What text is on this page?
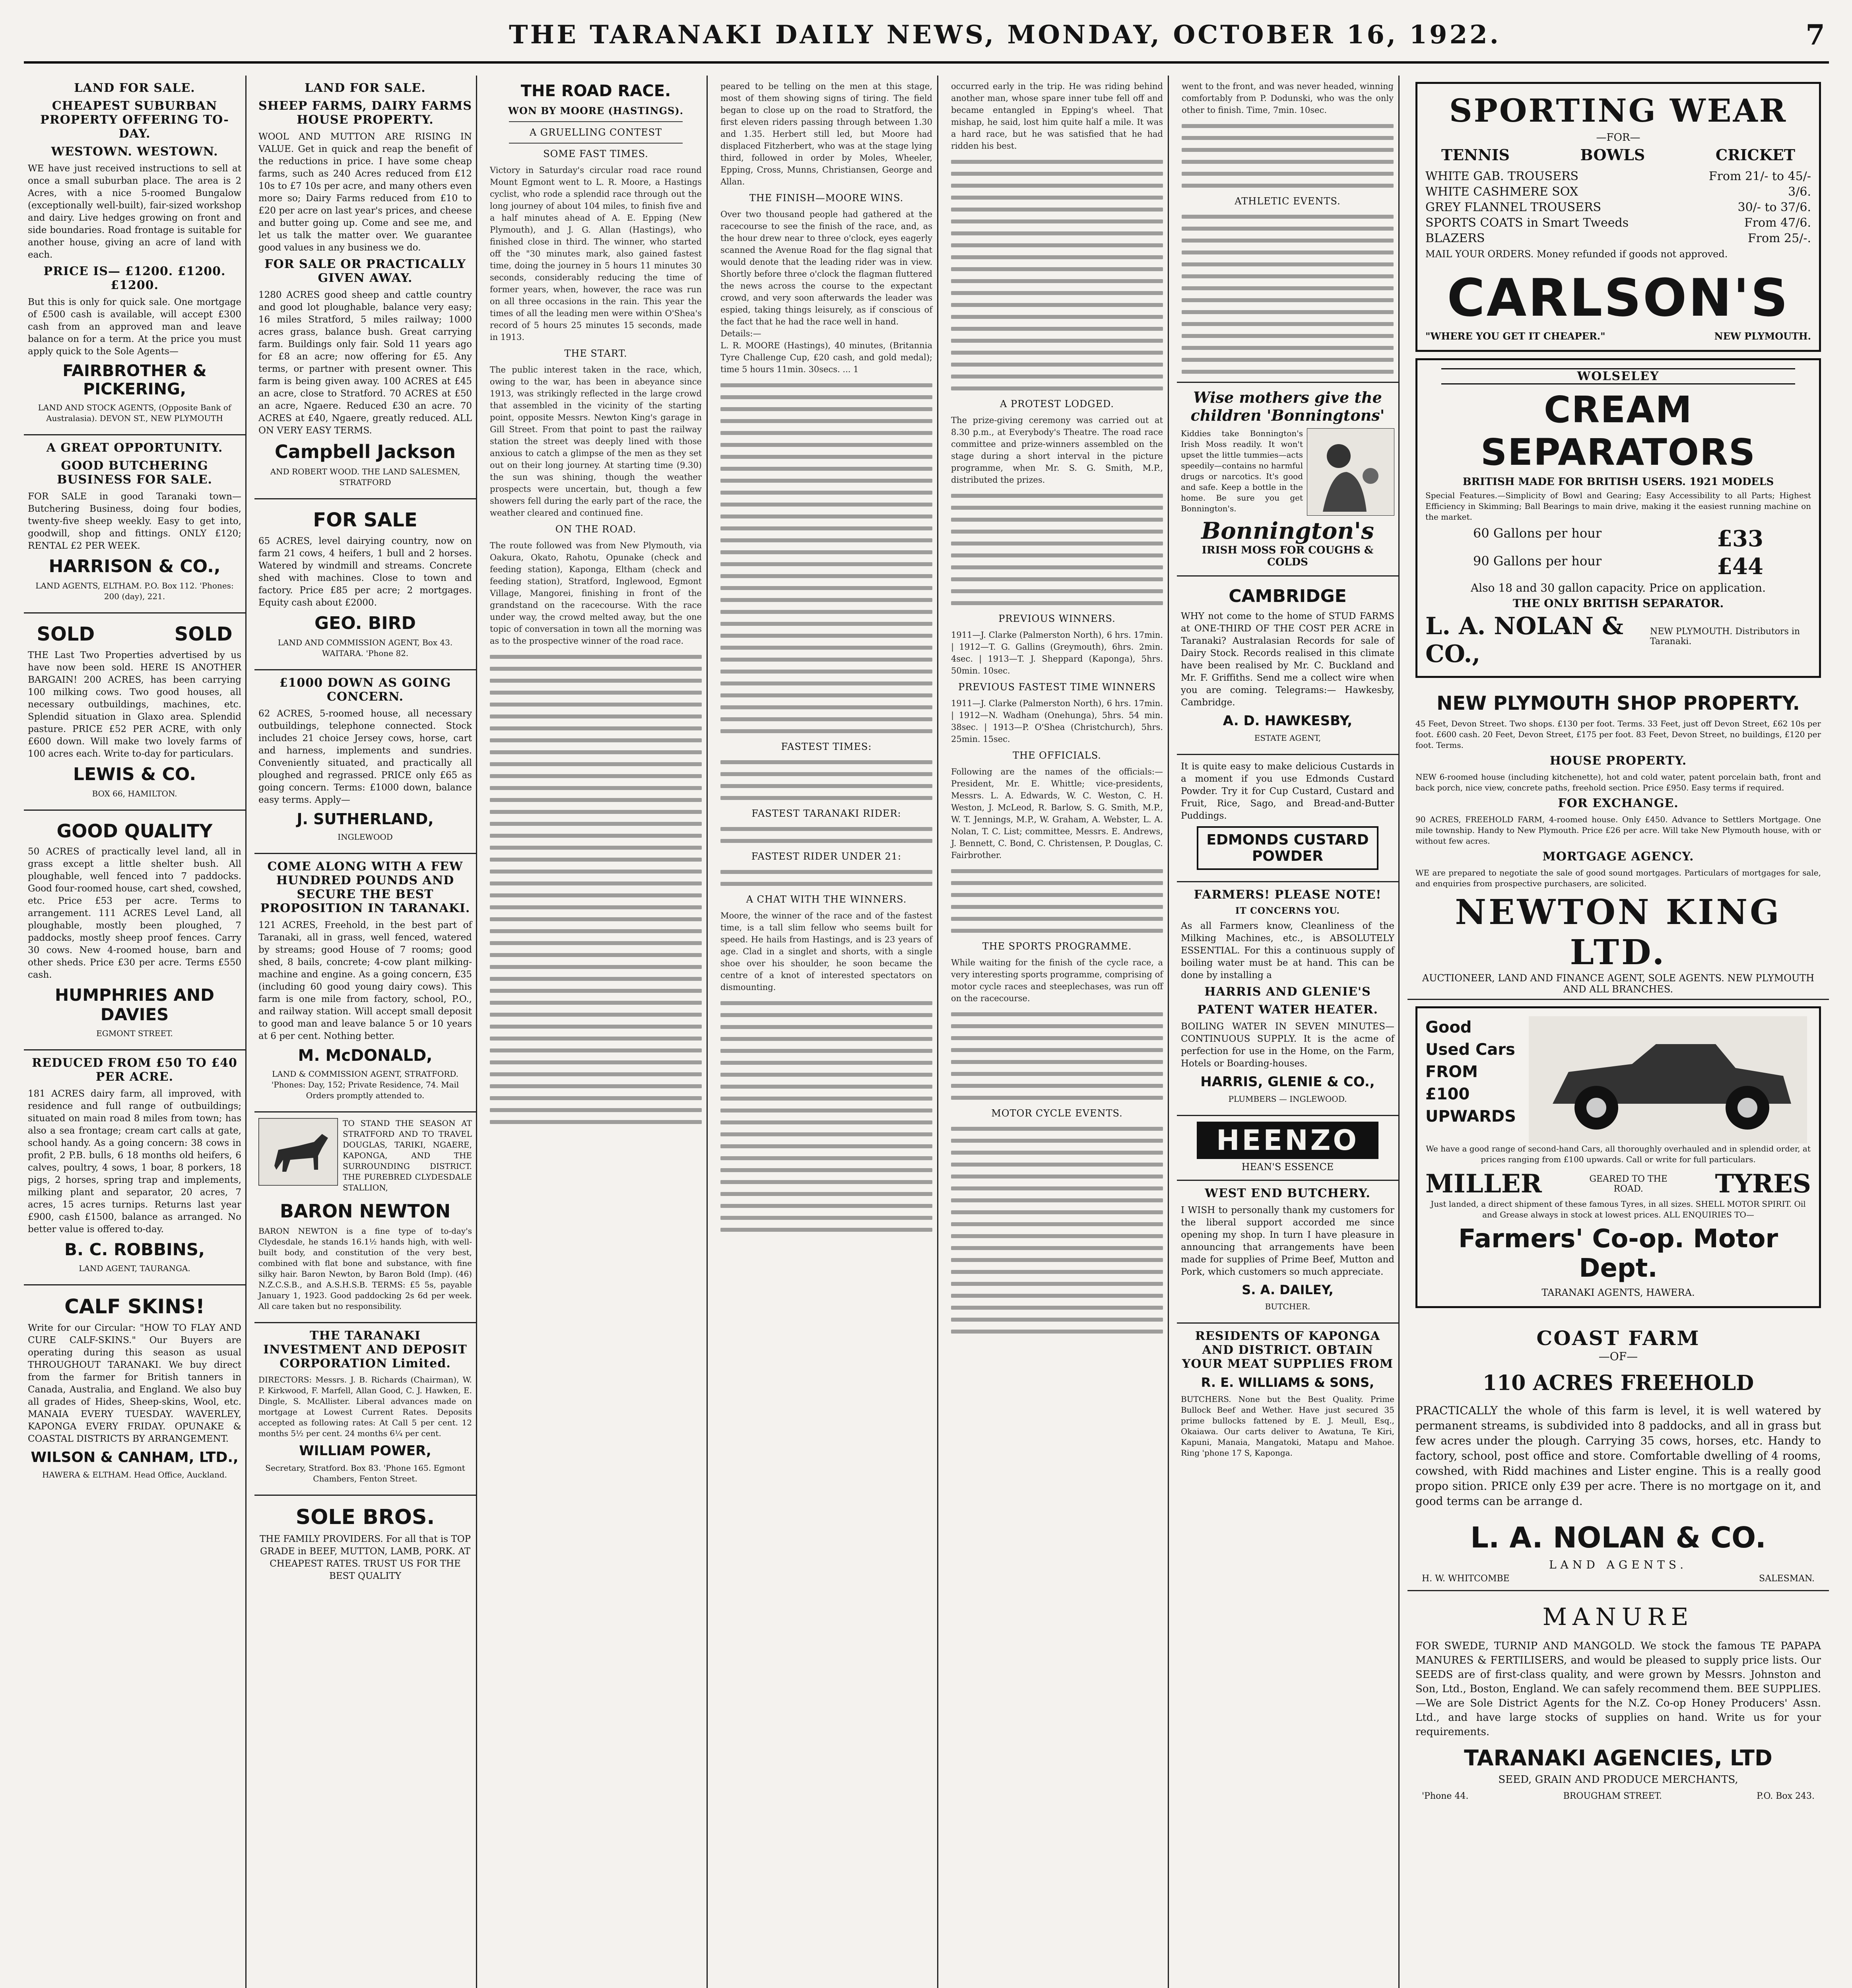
THE TARANAKI DAILY NEWS, MONDAY, OCTOBER 16, 1922.	7
LAND FOR SALE.
CHEAPEST SUBURBAN PROPERTY OFFERING TO-DAY.
WESTOWN. WESTOWN.
WE have just received instructions to sell at once a small suburban place. The area is 2 Acres, with a nice 5-roomed Bungalow (exceptionally well-built), fair-sized workshop and dairy. Live hedges growing on front and side boundaries. Road frontage is suitable for another house, giving an acre of land with each.
PRICE IS— £1200. £1200. £1200.
But this is only for quick sale. One mortgage of £500 cash is available, will accept £300 cash from an approved man and leave balance on for a term. At the price you must apply quick to the Sole Agents—
FAIRBROTHER & PICKERING,
LAND AND STOCK AGENTS, (Opposite Bank of Australasia). DEVON ST., NEW PLYMOUTH
A GREAT OPPORTUNITY.
GOOD BUTCHERING BUSINESS FOR SALE.
FOR SALE in good Taranaki town—Butchering Business, doing four bodies, twenty-five sheep weekly. Easy to get into, goodwill, shop and fittings. ONLY £120; RENTAL £2 PER WEEK.
HARRISON & CO.,
LAND AGENTS, ELTHAM. P.O. Box 112. 'Phones: 200 (day), 221.
SOLD            SOLD
THE Last Two Properties advertised by us have now been sold. HERE IS ANOTHER BARGAIN! 200 ACRES, has been carrying 100 milking cows. Two good houses, all necessary outbuildings, machines, etc. Splendid situation in Glaxo area. Splendid pasture. PRICE £52 PER ACRE, with only £600 down. Will make two lovely farms of 100 acres each. Write to-day for particulars.
LEWIS & CO.
BOX 66, HAMILTON.
GOOD QUALITY
50 ACRES of practically level land, all in grass except a little shelter bush. All ploughable, well fenced into 7 paddocks. Good four-roomed house, cart shed, cowshed, etc. Price £53 per acre. Terms to arrangement. 111 ACRES Level Land, all ploughable, mostly been ploughed, 7 paddocks, mostly sheep proof fences. Carry 30 cows. New 4-roomed house, barn and other sheds. Price £30 per acre. Terms £550 cash.
HUMPHRIES AND DAVIES
EGMONT STREET.
REDUCED FROM £50 TO £40 PER ACRE.
181 ACRES dairy farm, all improved, with residence and full range of outbuildings; situated on main road 8 miles from town; has also a sea frontage; cream cart calls at gate, school handy. As a going concern: 38 cows in profit, 2 P.B. bulls, 6 18 months old heifers, 6 calves, poultry, 4 sows, 1 boar, 8 porkers, 18 pigs, 2 horses, spring trap and implements, milking plant and separator, 20 acres, 7 acres, 15 acres turnips. Returns last year £900, cash £1500, balance as arranged. No better value is offered to-day.
B. C. ROBBINS,
LAND AGENT, TAURANGA.
CALF SKINS!
Write for our Circular: "HOW TO FLAY AND CURE CALF-SKINS." Our Buyers are operating during this season as usual THROUGHOUT TARANAKI. We buy direct from the farmer for British tanners in Canada, Australia, and England. We also buy all grades of Hides, Sheep-skins, Wool, etc. MANAIA EVERY TUESDAY. WAVERLEY, KAPONGA EVERY FRIDAY. OPUNAKE & COASTAL DISTRICTS BY ARRANGEMENT.
WILSON & CANHAM, LTD.,
HAWERA & ELTHAM. Head Office, Auckland.
LAND FOR SALE.
SHEEP FARMS, DAIRY FARMS HOUSE PROPERTY.
WOOL AND MUTTON ARE RISING IN VALUE. Get in quick and reap the benefit of the reductions in price. I have some cheap farms, such as 240 Acres reduced from £12 10s to £7 10s per acre, and many others even more so; Dairy Farms reduced from £10 to £20 per acre on last year's prices, and cheese and butter going up. Come and see me, and let us talk the matter over. We guarantee good values in any business we do.
FOR SALE OR PRACTICALLY GIVEN AWAY.
1280 ACRES good sheep and cattle country and good lot ploughable, balance very easy; 16 miles Stratford, 5 miles railway; 1000 acres grass, balance bush. Great carrying farm. Buildings only fair. Sold 11 years ago for £8 an acre; now offering for £5. Any terms, or partner with present owner. This farm is being given away. 100 ACRES at £45 an acre, close to Stratford. 70 ACRES at £50 an acre, Ngaere. Reduced £30 an acre. 70 ACRES at £40, Ngaere, greatly reduced. ALL ON VERY EASY TERMS.
Campbell Jackson
AND ROBERT WOOD. THE LAND SALESMEN, STRATFORD
FOR SALE
65 ACRES, level dairying country, now on farm 21 cows, 4 heifers, 1 bull and 2 horses. Watered by windmill and streams. Concrete shed with machines. Close to town and factory. Price £85 per acre; 2 mortgages. Equity cash about £2000.
GEO. BIRD
LAND AND COMMISSION AGENT, Box 43. WAITARA. 'Phone 82.
£1000 DOWN AS GOING CONCERN.
62 ACRES, 5-roomed house, all necessary outbuildings, telephone connected. Stock includes 21 choice Jersey cows, horse, cart and harness, implements and sundries. Conveniently situated, and practically all ploughed and regrassed. PRICE only £65 as going concern. Terms: £1000 down, balance easy terms. Apply—
J. SUTHERLAND,
INGLEWOOD
COME ALONG WITH A FEW HUNDRED POUNDS AND SECURE THE BEST PROPOSITION IN TARANAKI.
121 ACRES, Freehold, in the best part of Taranaki, all in grass, well fenced, watered by streams; good House of 7 rooms; good shed, 8 bails, concrete; 4-cow plant milking-machine and engine. As a going concern, £35 (including 60 good young dairy cows). This farm is one mile from factory, school, P.O., and railway station. Will accept small deposit to good man and leave balance 5 or 10 years at 6 per cent. Nothing better.
M. McDONALD,
LAND & COMMISSION AGENT, STRATFORD. 'Phones: Day, 152; Private Residence, 74. Mail Orders promptly attended to.
TO STAND THE SEASON AT STRATFORD AND TO TRAVEL DOUGLAS, TARIKI, NGAERE, KAPONGA, AND THE SURROUNDING DISTRICT. THE PUREBRED CLYDESDALE STALLION,
BARON NEWTON
BARON NEWTON is a fine type of to-day's Clydesdale, he stands 16.1½ hands high, with well-built body, and constitution of the very best, combined with flat bone and substance, with fine silky hair. Baron Newton, by Baron Bold (Imp). (46) N.Z.C.S.B., and A.S.H.S.B. TERMS: £5 5s, payable January 1, 1923. Good paddocking 2s 6d per week. All care taken but no responsibility.
THE TARANAKI INVESTMENT AND DEPOSIT CORPORATION Limited.
DIRECTORS: Messrs. J. B. Richards (Chairman), W. P. Kirkwood, F. Marfell, Allan Good, C. J. Hawken, E. Dingle, S. McAllister. Liberal advances made on mortgage at Lowest Current Rates. Deposits accepted as following rates: At Call 5 per cent. 12 months 5½ per cent. 24 months 6¼ per cent.
WILLIAM POWER,
Secretary, Stratford. Box 83. 'Phone 165. Egmont Chambers, Fenton Street.
SOLE BROS.
THE FAMILY PROVIDERS. For all that is TOP GRADE in BEEF, MUTTON, LAMB, PORK. AT CHEAPEST RATES. TRUST US FOR THE BEST QUALITY
THE ROAD RACE.
WON BY MOORE (HASTINGS).
A GRUELLING CONTEST
SOME FAST TIMES.
Victory in Saturday's circular road race round Mount Egmont went to L. R. Moore, a Hastings cyclist, who rode a splendid race through out the long journey of about 104 miles, to finish five and a half minutes ahead of A. E. Epping (New Plymouth), and J. G. Allan (Hastings), who finished close in third. The winner, who started off the "30 minutes mark, also gained fastest time, doing the journey in 5 hours 11 minutes 30 seconds, considerably reducing the time of former years, when, however, the race was run on all three occasions in the rain. This year the times of all the leading men were within O'Shea's record of 5 hours 25 minutes 15 seconds, made in 1913.
THE START.
The public interest taken in the race, which, owing to the war, has been in abeyance since 1913, was strikingly reflected in the large crowd that assembled in the vicinity of the starting point, opposite Messrs. Newton King's garage in Gill Street. From that point to past the railway station the street was deeply lined with those anxious to catch a glimpse of the men as they set out on their long journey. At starting time (9.30) the sun was shining, though the weather prospects were uncertain, but, though a few showers fell during the early part of the race, the weather cleared and continued fine.
ON THE ROAD.
The route followed was from New Plymouth, via Oakura, Okato, Rahotu, Opunake (check and feeding station), Kaponga, Eltham (check and feeding station), Stratford, Inglewood, Egmont Village, Mangorei, finishing in front of the grandstand on the racecourse. With the race under way, the crowd melted away, but the one topic of conversation in town all the morning was as to the prospective winner of the road race.
peared to be telling on the men at this stage, most of them showing signs of tiring. The field began to close up on the road to Stratford, the first eleven riders passing through between 1.30 and 1.35. Herbert still led, but Moore had displaced Fitzherbert, who was at the stage lying third, followed in order by Moles, Wheeler, Epping, Cross, Munns, Christiansen, George and Allan.
THE FINISH—MOORE WINS.
Over two thousand people had gathered at the racecourse to see the finish of the race, and, as the hour drew near to three o'clock, eyes eagerly scanned the Avenue Road for the flag signal that would denote that the leading rider was in view. Shortly before three o'clock the flagman fluttered the news across the course to the expectant crowd, and very soon afterwards the leader was espied, taking things leisurely, as if conscious of the fact that he had the race well in hand.
Details:—
L. R. MOORE (Hastings), 40 minutes, (Britannia Tyre Challenge Cup, £20 cash, and gold medal); time 5 hours 11min. 30secs. ... 1
FASTEST TIMES:
FASTEST TARANAKI RIDER:
FASTEST RIDER UNDER 21:
A CHAT WITH THE WINNERS.
Moore, the winner of the race and of the fastest time, is a tall slim fellow who seems built for speed. He hails from Hastings, and is 23 years of age. Clad in a singlet and shorts, with a single shoe over his shoulder, he soon became the centre of a knot of interested spectators on dismounting.
occurred early in the trip. He was riding behind another man, whose spare inner tube fell off and became entangled in Epping's wheel. That mishap, he said, lost him quite half a mile. It was a hard race, but he was satisfied that he had ridden his best.
A PROTEST LODGED.
The prize-giving ceremony was carried out at 8.30 p.m., at Everybody's Theatre. The road race committee and prize-winners assembled on the stage during a short interval in the picture programme, when Mr. S. G. Smith, M.P., distributed the prizes.
PREVIOUS WINNERS.
1911—J. Clarke (Palmerston North), 6 hrs. 17min. | 1912—T. G. Gallins (Greymouth), 6hrs. 2min. 4sec. | 1913—T. J. Sheppard (Kaponga), 5hrs. 50min. 10sec.
PREVIOUS FASTEST TIME WINNERS
1911—J. Clarke (Palmerston North), 6 hrs. 17min. | 1912—N. Wadham (Onehunga), 5hrs. 54 min. 38sec. | 1913—P. O'Shea (Christchurch), 5hrs. 25min. 15sec.
THE OFFICIALS.
Following are the names of the officials:—President, Mr. E. Whittle; vice-presidents, Messrs. L. A. Edwards, W. C. Weston, C. H. Weston, J. McLeod, R. Barlow, S. G. Smith, M.P., W. T. Jennings, M.P., W. Graham, A. Webster, L. A. Nolan, T. C. List; committee, Messrs. E. Andrews, J. Bennett, C. Bond, C. Christensen, P. Douglas, C. Fairbrother.
THE SPORTS PROGRAMME.
While waiting for the finish of the cycle race, a very interesting sports programme, comprising of motor cycle races and steeplechases, was run off on the racecourse.
MOTOR CYCLE EVENTS.
went to the front, and was never headed, winning comfortably from P. Dodunski, who was the only other to finish. Time, 7min. 10sec.
ATHLETIC EVENTS.
Wise mothers give the children 'Bonningtons'
Kiddies take Bonnington's Irish Moss readily. It won't upset the little tummies—acts speedily—contains no harmful drugs or narcotics. It's good and safe. Keep a bottle in the home. Be sure you get Bonnington's.
Bonnington's
IRISH MOSS FOR COUGHS & COLDS
CAMBRIDGE
WHY not come to the home of STUD FARMS at ONE-THIRD OF THE COST PER ACRE in Taranaki? Australasian Records for sale of Dairy Stock. Records realised in this climate have been realised by Mr. C. Buckland and Mr. F. Griffiths. Send me a collect wire when you are coming. Telegrams:— Hawkesby, Cambridge.
A. D. HAWKESBY,
ESTATE AGENT,
It is quite easy to make delicious Custards in a moment if you use Edmonds Custard Powder. Try it for Cup Custard, Custard and Fruit, Rice, Sago, and Bread-and-Butter Puddings.
EDMONDS CUSTARD POWDER
FARMERS! PLEASE NOTE!
IT CONCERNS YOU.
As all Farmers know, Cleanliness of the Milking Machines, etc., is ABSOLUTELY ESSENTIAL. For this a continuous supply of boiling water must be at hand. This can be done by installing a
HARRIS AND GLENIE'S
PATENT WATER HEATER.
BOILING WATER IN SEVEN MINUTES—CONTINUOUS SUPPLY. It is the acme of perfection for use in the Home, on the Farm, Hotels or Boarding-houses.
HARRIS, GLENIE & CO.,
PLUMBERS — INGLEWOOD.
HEENZO
HEAN'S ESSENCE
WEST END BUTCHERY.
I WISH to personally thank my customers for the liberal support accorded me since opening my shop. In turn I have pleasure in announcing that arrangements have been made for supplies of Prime Beef, Mutton and Pork, which customers so much appreciate.
S. A. DAILEY,
BUTCHER.
RESIDENTS OF KAPONGA AND DISTRICT. OBTAIN YOUR MEAT SUPPLIES FROM
R. E. WILLIAMS & SONS,
BUTCHERS. None but the Best Quality. Prime Bullock Beef and Wether. Have just secured 35 prime bullocks fattened by E. J. Meull, Esq., Okaiawa. Our carts deliver to Awatuna, Te Kiri, Kapuni, Manaia, Mangatoki, Matapu and Mahoe. Ring 'phone 17 S, Kaponga.
SPORTING WEAR
—FOR—
TENNIS	BOWLS	CRICKET
WHITE GAB. TROUSERS	From 21/- to 45/-
WHITE CASHMERE SOX	3/6.
GREY FLANNEL TROUSERS	30/- to 37/6.
SPORTS COATS in Smart Tweeds	From 47/6.
BLAZERS	From 25/-.
MAIL YOUR ORDERS. Money refunded if goods not approved.
CARLSON'S
"WHERE YOU GET IT CHEAPER."	NEW PLYMOUTH.
WOLSELEY
CREAM SEPARATORS
BRITISH MADE FOR BRITISH USERS. 1921 MODELS
Special Features.—Simplicity of Bowl and Gearing; Easy Accessibility to all Parts; Highest Efficiency in Skimming; Ball Bearings to main drive, making it the easiest running machine on the market.
60 Gallons per hour	£33
90 Gallons per hour	£44
Also 18 and 30 gallon capacity. Price on application.
THE ONLY BRITISH SEPARATOR.
L. A. NOLAN & CO.,
NEW PLYMOUTH. Distributors in Taranaki.
NEW PLYMOUTH SHOP PROPERTY.
45 Feet, Devon Street. Two shops. £130 per foot. Terms. 33 Feet, just off Devon Street, £62 10s per foot. £600 cash. 20 Feet, Devon Street, £175 per foot. 83 Feet, Devon Street, no buildings, £120 per foot. Terms.
HOUSE PROPERTY.
NEW 6-roomed house (including kitchenette), hot and cold water, patent porcelain bath, front and back porch, nice view, concrete paths, freehold section. Price £950. Easy terms if required.
FOR EXCHANGE.
90 ACRES, FREEHOLD FARM, 4-roomed house. Only £450. Advance to Settlers Mortgage. One mile township. Handy to New Plymouth. Price £26 per acre. Will take New Plymouth house, with or without few acres.
MORTGAGE AGENCY.
WE are prepared to negotiate the sale of good sound mortgages. Particulars of mortgages for sale, and enquiries from prospective purchasers, are solicited.
NEWTON KING LTD.
AUCTIONEER, LAND AND FINANCE AGENT, SOLE AGENTS. NEW PLYMOUTH AND ALL BRANCHES.
Good Used Cars FROM £100 UPWARDS
We have a good range of second-hand Cars, all thoroughly overhauled and in splendid order, at prices ranging from £100 upwards. Call or write for full particulars.
MILLER	GEARED TO THE ROAD.	TYRES
Just landed, a direct shipment of these famous Tyres, in all sizes. SHELL MOTOR SPIRIT. Oil and Grease always in stock at lowest prices. ALL ENQUIRIES TO—
Farmers' Co-op. Motor Dept.
TARANAKI AGENTS, HAWERA.
COAST FARM
—OF—
110 ACRES FREEHOLD
PRACTICALLY the whole of this farm is level, it is well watered by permanent streams, is subdivided into 8 paddocks, and all in grass but few acres under the plough. Carrying 35 cows, horses, etc. Handy to factory, school, post office and store. Comfortable dwelling of 4 rooms, cowshed, with Ridd machines and Lister engine. This is a really good propo sition. PRICE only £39 per acre. There is no mortgage on it, and good terms can be arrange d.
L. A. NOLAN & CO.
LAND AGENTS.
H. W. WHITCOMBE	SALESMAN.
MANURE
FOR SWEDE, TURNIP AND MANGOLD. We stock the famous TE PAPAPA MANURES & FERTILISERS, and would be pleased to supply price lists. Our SEEDS are of first-class quality, and were grown by Messrs. Johnston and Son, Ltd., Boston, England. We can safely recommend them. BEE SUPPLIES.—We are Sole District Agents for the N.Z. Co-op Honey Producers' Assn. Ltd., and have large stocks of supplies on hand. Write us for your requirements.
TARANAKI AGENCIES, LTD
SEED, GRAIN AND PRODUCE MERCHANTS,
'Phone 44.	BROUGHAM STREET.	P.O. Box 243.
